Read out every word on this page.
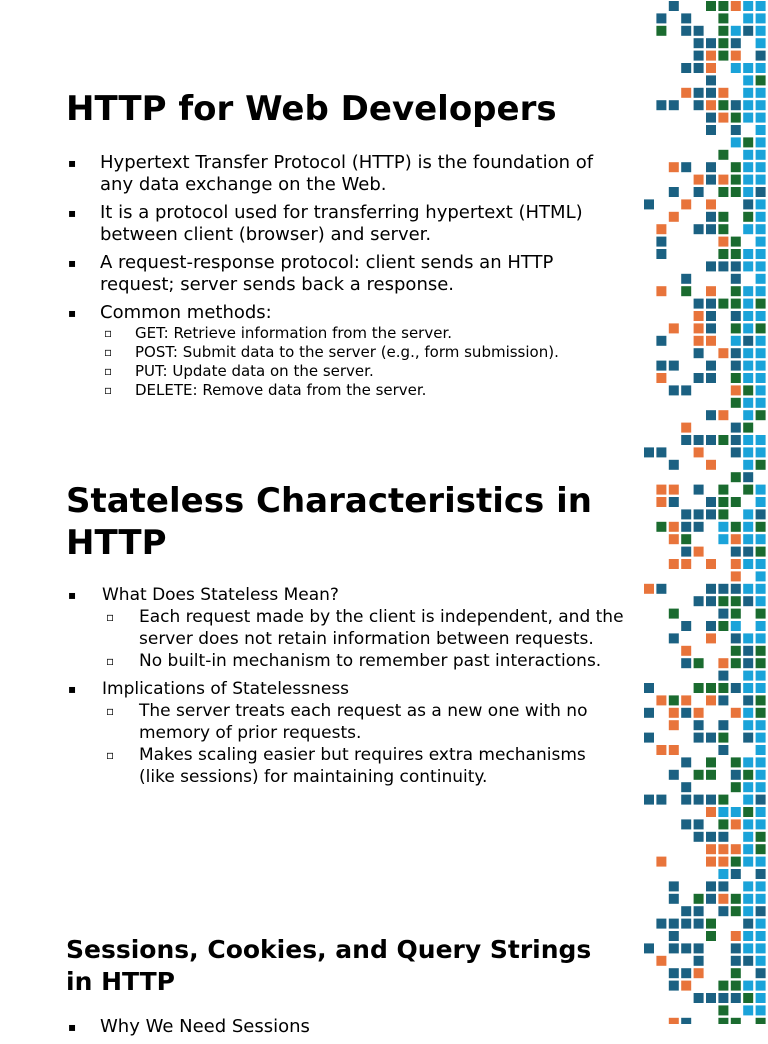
HTTP for Web Developers
▪ Hypertext Transfer Protocol (HTTP) is the foundation of any data exchange on the Web.
▪ It is a protocol used for transferring hypertext (HTML) between client (browser) and server.
▪ A request-response protocol: client sends an HTTP request; server sends back a response.
▪ Common methods:
▫ GET: Retrieve information from the server.
▫ POST: Submit data to the server (e.g., form submission).
▫ PUT: Update data on the server.
▫ DELETE: Remove data from the server.
Stateless Characteristics in HTTP
▪ What Does Stateless Mean?
▫ Each request made by the client is independent, and the server does not retain information between requests.
▫ No built-in mechanism to remember past interactions.
▪ Implications of Statelessness
▫ The server treats each request as a new one with no memory of prior requests.
▫ Makes scaling easier but requires extra mechanisms (like sessions) for maintaining continuity.
Sessions, Cookies, and Query Strings in HTTP
▪ Why We Need Sessions
